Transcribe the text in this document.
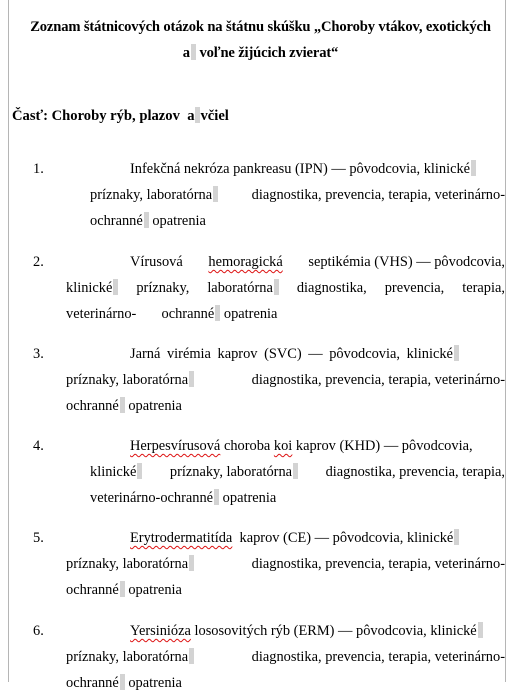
Zoznam štátnicových otázok na štátnu skúšku „Choroby vtákov, exotických
a voľne žijúcich zvierat“
Časť: Choroby rýb, plazov a včiel
1.	Infekčná nekróza pankreasu (IPN) — pôvodcovia, klinické
príznaky, laboratórna	diagnostika, prevencia, terapia, veterinárno-
ochranné opatrenia
2.	Vírusová hemoragická septikémia (VHS) — pôvodcovia,
klinické	príznaky, laboratórna	diagnostika, prevencia, terapia,
veterinárno- ochranné opatrenia
3.	Jarná virémia kaprov (SVC) — pôvodcovia, klinické
príznaky, laboratórna	diagnostika, prevencia, terapia, veterinárno-
ochranné opatrenia
4.	Herpesvírusová choroba koi kaprov (KHD) — pôvodcovia,
klinické	príznaky, laboratórna	diagnostika, prevencia, terapia,
veterinárno-ochranné opatrenia
5.	Erytrodermatitída kaprov (CE) — pôvodcovia, klinické
príznaky, laboratórna	diagnostika, prevencia, terapia, veterinárno-
ochranné opatrenia
6.	Yersinióza lososovitých rýb (ERM) — pôvodcovia, klinické
príznaky, laboratórna	diagnostika, prevencia, terapia, veterinárno-
ochranné opatrenia
